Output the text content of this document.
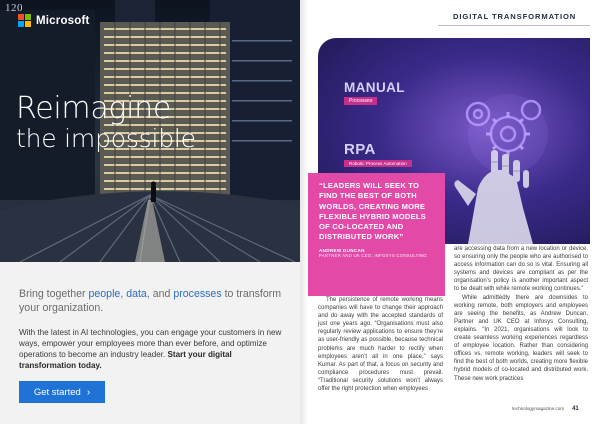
120
Microsoft
Reimagine
the impossible

Bring together people, data, and processes to transform your organization.

With the latest in AI technologies, you can engage your customers in new ways, empower your employees more than ever before, and optimize operations to become an industry leader. Start your digital transformation today.

Get started ›
DIGITAL TRANSFORMATION
MANUAL
Processes
RPA
Robotic Process Automation
“LEADERS WILL SEEK TO FIND THE BEST OF BOTH WORLDS, CREATING MORE FLEXIBLE HYBRID MODELS OF CO-LOCATED AND DISTRIBUTED WORK”
ANDREW DUNCAN
PARTNER AND UK CEO, INFOSYS CONSULTING
The persistence of remote working means companies will have to change their approach and do away with the accepted standards of just one years ago. “Organisations must also regularly review applications to ensure they’re as user-friendly as possible, because technical problems are much harder to rectify when employees aren’t all in one place,” says Kumar. As part of that, a focus on security and compliance procedures must prevail. “Traditional security solutions won’t always offer the right protection when employees
are accessing data from a new location or device, so ensuring only the people who are authorised to access information can do so is vital. Ensuring all systems and devices are compliant as per the organisation’s policy is another important aspect to be dealt with while remote working continues.”
While admittedly there are downsides to working remote, both employers and employees are seeing the benefits, as Andrew Duncan, Partner and UK CEO at Infosys Consulting, explains. “In 2021, organisations will look to create seamless working experiences regardless of employee location. Rather than considering offices vs. remote working, leaders will seek to find the best of both worlds, creating more flexible hybrid models of co-located and distributed work. These new work practices
technologymagazine.com 41
